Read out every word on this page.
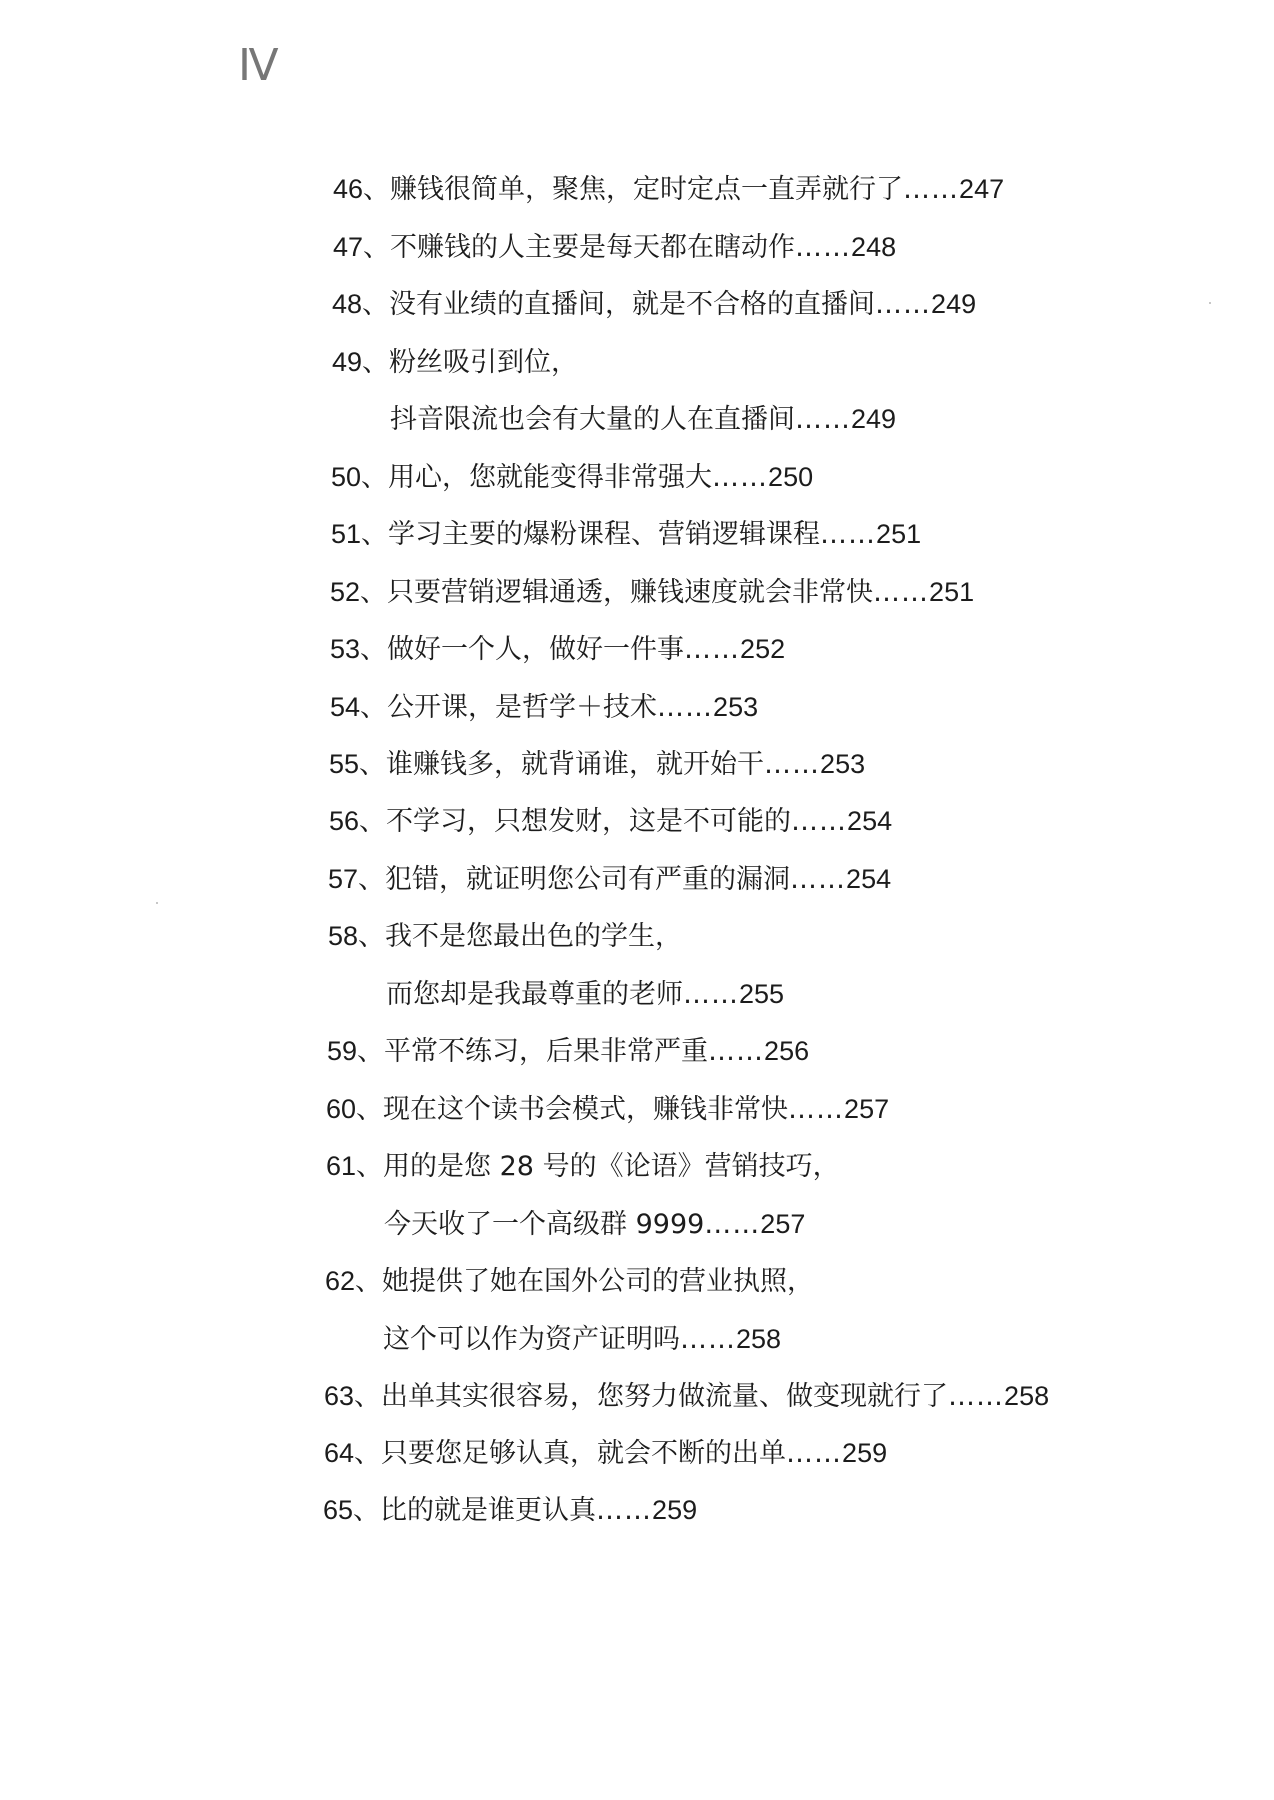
Ⅳ
46、赚钱很简单，聚焦，定时定点一直弄就行了……247
47、不赚钱的人主要是每天都在瞎动作……248
48、没有业绩的直播间，就是不合格的直播间……249
49、粉丝吸引到位，
抖音限流也会有大量的人在直播间……249
50、用心，您就能变得非常强大……250
51、学习主要的爆粉课程、营销逻辑课程……251
52、只要营销逻辑通透，赚钱速度就会非常快……251
53、做好一个人，做好一件事……252
54、公开课，是哲学＋技术……253
55、谁赚钱多，就背诵谁，就开始干……253
56、不学习，只想发财，这是不可能的……254
57、犯错，就证明您公司有严重的漏洞……254
58、我不是您最出色的学生，
而您却是我最尊重的老师……255
59、平常不练习，后果非常严重……256
60、现在这个读书会模式，赚钱非常快……257
61、用的是您 28 号的《论语》营销技巧，
今天收了一个高级群 9999……257
62、她提供了她在国外公司的营业执照，
这个可以作为资产证明吗……258
63、出单其实很容易，您努力做流量、做变现就行了……258
64、只要您足够认真，就会不断的出单……259
65、比的就是谁更认真……259
